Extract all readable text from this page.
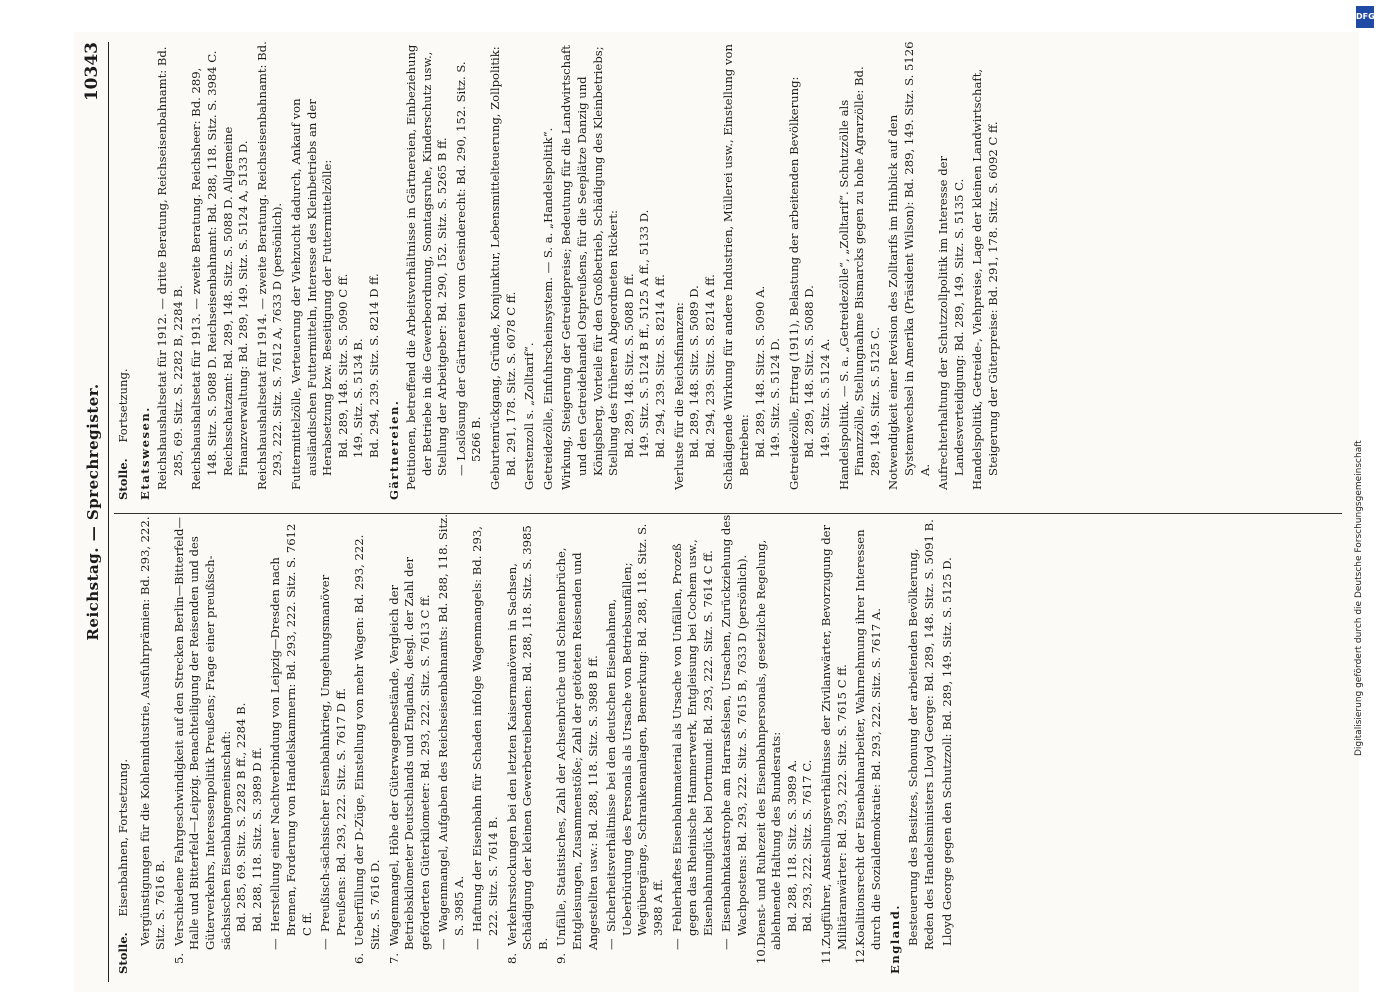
Reichstag. — Sprechregister.
10343
Stolle. Eisenbahnen, Fortsetzung. Vergünstigungen für die Kohlenindustrie, Ausfuhrprämien: Bd. 293, 222. Sitz. S. 7616 B.
5.Verschiedene Fahrgeschwindigkeit auf den Strecken Berlin—Bitterfeld—Halle und Bitterfeld—Leipzig. Benachteiligung der Reisenden und des Güterverkehrs, Interessenpolitik Preußens; Frage einer preußisch-sächsischen Eisenbahngemeinschaft: Bd. 285, 69. Sitz. S. 2282 B ff., 2284 B. Bd. 288, 118. Sitz. S. 3989 D ff.
—Herstellung einer Nachtverbindung von Leipzig—Dresden nach Bremen, Forderung von Handelskammern: Bd. 293, 222. Sitz. S. 7612 C ff.
—Preußisch-sächsischer Eisenbahnkrieg, Umgehungsmanöver Preußens: Bd. 293, 222. Sitz. S. 7617 D ff.
6.Ueberfüllung der D-Züge, Einstellung von mehr Wagen: Bd. 293, 222. Sitz. S. 7616 D.
7.Wagenmangel, Höhe der Güterwagenbestände, Vergleich der Betriebskilometer Deutschlands und Englands, desgl. der Zahl der geförderten Güterkilometer: Bd. 293, 222. Sitz. S. 7613 C ff. —Wagenmangel, Aufgaben des Reichseisenbahnamts: Bd. 288, 118. Sitz. S. 3985 A.
—Haftung der Eisenbahn für Schaden infolge Wagenmangels: Bd. 293, 222. Sitz. S. 7614 B.
8.Verkehrsstockungen bei den letzten Kaisermanövern in Sachsen, Schädigung der kleinen Gewerbetreibenden: Bd. 288, 118. Sitz. S. 3985 B.
9.Unfälle, Statistisches, Zahl der Achsenbrüche und Schienenbrüche, Entgleisungen, Zusammenstöße; Zahl der getöteten Reisenden und Angestellten usw.: Bd. 288, 118. Sitz. S. 3988 B ff. —Sicherheitsverhältnisse bei den deutschen Eisenbahnen, Ueberbürdung des Personals als Ursache von Betriebsunfällen; Wegübergänge, Schrankenanlagen, Bemerkung: Bd. 288, 118. Sitz. S. 3988 A ff.
—Fehlerhaftes Eisenbahnmaterial als Ursache von Unfällen, Prozeß gegen das Rheinische Hammerwerk, Entgleisung bei Cochem usw., Eisenbahnunglück bei Dortmund: Bd. 293, 222. Sitz. S. 7614 C ff.
—Eisenbahnkatastrophe am Harrasfelsen, Ursachen, Zurückziehung des Wachpostens: Bd. 293, 222. Sitz. S. 7615 B, 7633 D (persönlich).
10.Dienst- und Ruhezeit des Eisenbahnpersonals, gesetzliche Regelung, ablehnende Haltung des Bundesrats: Bd. 288, 118. Sitz. S. 3989 A. Bd. 293, 222. Sitz. S. 7617 C.
11.Zugführer, Anstellungsverhältnisse der Zivilanwärter, Bevorzugung der Militäranwärter: Bd. 293, 222. Sitz. S. 7615 C ff.
12.Koalitionsrecht der Eisenbahnarbeiter, Wahrnehmung ihrer Interessen durch die Sozialdemokratie: Bd. 293, 222. Sitz. S. 7617 A. England. Besteuerung des Besitzes, Schonung der arbeitenden Bevölkerung, Reden des Handelsministers Lloyd George: Bd. 289, 148. Sitz. S. 5091 B. Lloyd George gegen den Schutzzoll: Bd. 289, 149. Sitz. S. 5125 D.
Stolle. Fortsetzung.
Etatswesen. Reichshaushaltsetat für 1912. — dritte Beratung, Reichseisenbahnamt: Bd. 285, 69. Sitz. S. 2282 B, 2284 B. Reichshaushaltsetat für 1913. — zweite Beratung. Reichsheer: Bd. 289, 148. Sitz. S. 5088 D. Reichseisenbahnamt: Bd. 288, 118. Sitz. S. 3984 C. Reichsschatzamt: Bd. 289, 148. Sitz. S. 5088 D. Allgemeine Finanzverwaltung: Bd. 289, 149. Sitz. S. 5124 A, 5133 D. Reichshaushaltsetat für 1914. — zweite Beratung. Reichseisenbahnamt: Bd. 293, 222. Sitz. S. 7612 A, 7633 D (persönlich). Futtermittelzölle, Verteuerung der Viehzucht dadurch, Ankauf von ausländischen Futtermitteln, Interesse des Kleinbetriebs an der Herabsetzung bzw. Beseitigung der Futtermittelzölle: Bd. 289, 148. Sitz. S. 5090 C ff. 149. Sitz. S. 5134 B. Bd. 294, 239. Sitz. S. 8214 D ff. Gärtnereien. Petitionen, betreffend die Arbeitsverhältnisse in Gärtnereien, Einbeziehung der Betriebe in die Gewerbeordnung, Sonntagsruhe, Kinderschutz usw., Stellung der Arbeitgeber: Bd. 290, 152. Sitz. S. 5265 B ff. — Loslösung der Gärtnereien vom Gesinderecht: Bd. 290, 152. Sitz. S. 5266 B. Geburtenrückgang, Gründe, Konjunktur, Lebensmittelteuerung, Zollpolitik: Bd. 291, 178. Sitz. S. 6078 C ff. Gerstenzoll s. „Zolltarif“. Getreidezölle, Einfuhrscheinsystem. — S. a. „Handelspolitik“. Wirkung, Steigerung der Getreidepreise; Bedeutung für die Landwirtschaft und den Getreidehandel Ostpreußens, für die Seeplätze Danzig und Königsberg, Vorteile für den Großbetrieb, Schädigung des Kleinbetriebs; Stellung des früheren Abgeordneten Rickert: Bd. 289, 148. Sitz. S. 5088 D ff. 149. Sitz. S. 5124 B ff., 5125 A ff., 5133 D. Bd. 294, 239. Sitz. S. 8214 A ff. Verluste für die Reichsfinanzen: Bd. 289, 148. Sitz. S. 5089 D. Bd. 294, 239. Sitz. S. 8214 A ff. Schädigende Wirkung für andere Industrien, Müllerei usw., Einstellung von Betrieben: Bd. 289, 148. Sitz. S. 5090 A. 149. Sitz. S. 5124 D. Getreidezölle, Ertrag (1911), Belastung der arbeitenden Bevölkerung: Bd. 289, 148. Sitz. S. 5088 D. 149. Sitz. S. 5124 A. Handelspolitik. — S. a. „Getreidezölle“, „Zolltarif“. Schutzzölle als Finanzzölle, Stellungnahme Bismarcks gegen zu hohe Agrarzölle: Bd. 289, 149. Sitz. S. 5125 C. Notwendigkeit einer Revision des Zolltarifs im Hinblick auf den Systemwechsel in Amerika (Präsident Wilson): Bd. 289, 149. Sitz. S. 5126 A. Aufrechterhaltung der Schutzzollpolitik im Interesse der Landesverteidigung: Bd. 289, 149. Sitz. S. 5135 C. Handelspolitik, Getreide-, Viehpreise, Lage der kleinen Landwirtschaft, Steigerung der Güterpreise: Bd. 291, 178. Sitz. S. 6092 C ff.
DFG
Digitalisierung gefördert durch die Deutsche Forschungsgemeinschaft
